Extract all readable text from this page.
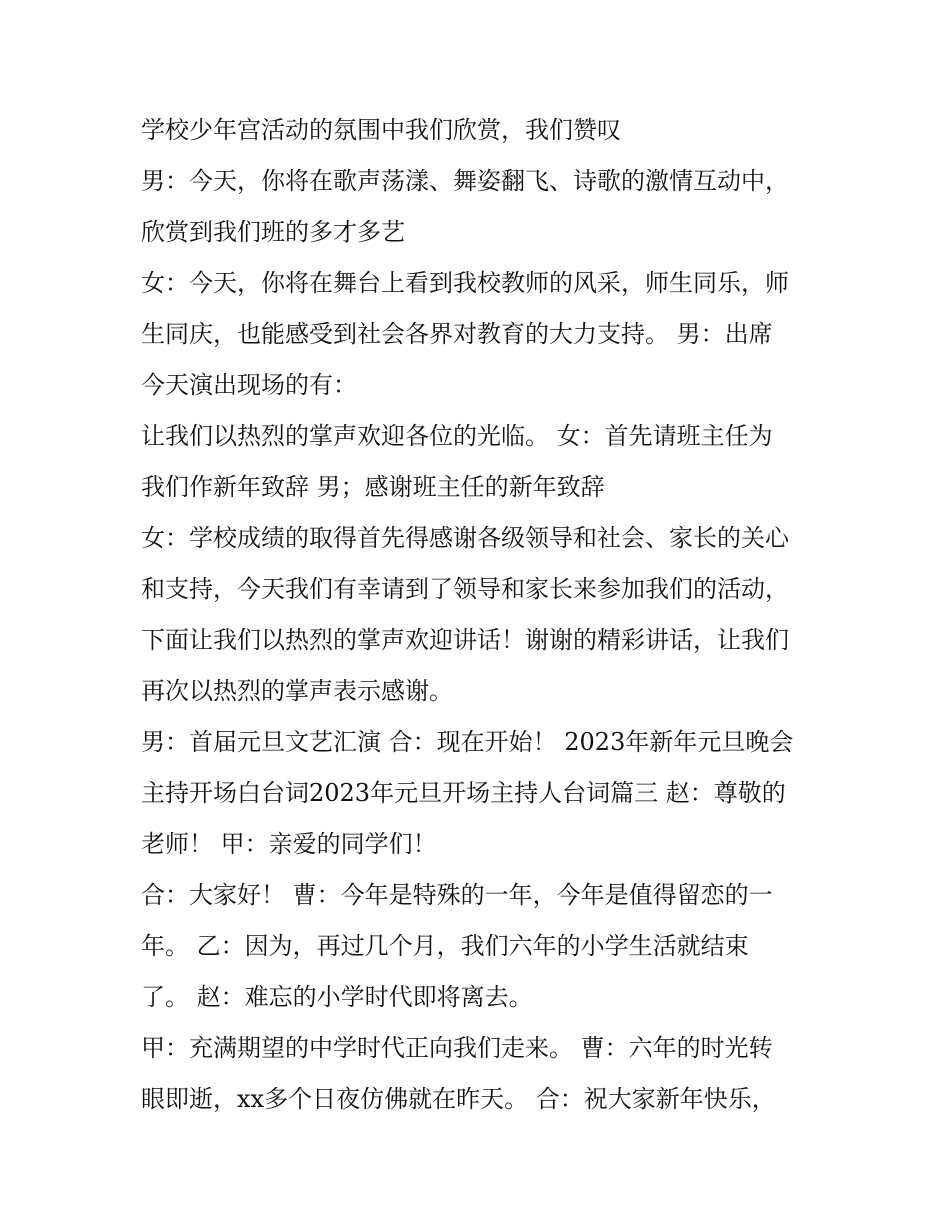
学校少年宫活动的氛围中我们欣赏，我们赞叹
男：今天，你将在歌声荡漾、舞姿翻飞、诗歌的激情互动中，
欣赏到我们班的多才多艺
女：今天，你将在舞台上看到我校教师的风采，师生同乐，师
生同庆，也能感受到社会各界对教育的大力支持。 男：出席
今天演出现场的有：
让我们以热烈的掌声欢迎各位的光临。 女：首先请班主任为
我们作新年致辞 男；感谢班主任的新年致辞
女：学校成绩的取得首先得感谢各级领导和社会、家长的关心
和支持，今天我们有幸请到了领导和家长来参加我们的活动，
下面让我们以热烈的掌声欢迎讲话！谢谢的精彩讲话，让我们
再次以热烈的掌声表示感谢。
男：首届元旦文艺汇演 合：现在开始！ 2023年新年元旦晚会
主持开场白台词2023年元旦开场主持人台词篇三 赵：尊敬的
老师！ 甲：亲爱的同学们！
合：大家好！ 曹：今年是特殊的一年，今年是值得留恋的一
年。 乙：因为，再过几个月，我们六年的小学生活就结束
了。 赵：难忘的小学时代即将离去。
甲：充满期望的中学时代正向我们走来。 曹：六年的时光转
眼即逝，xx多个日夜仿佛就在昨天。 合：祝大家新年快乐，
